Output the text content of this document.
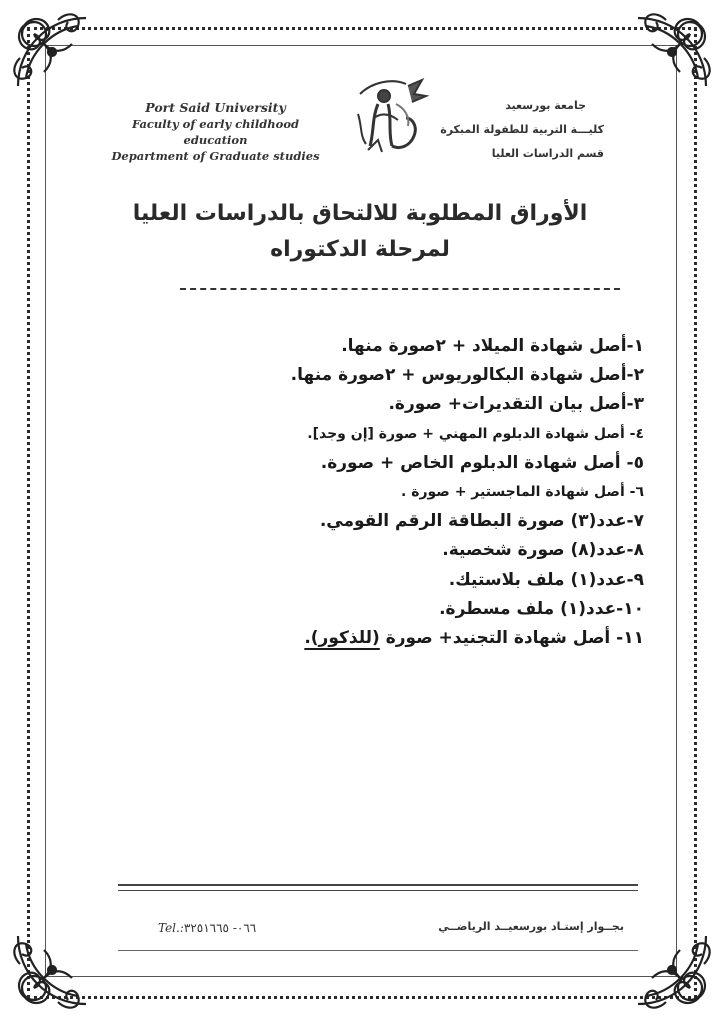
Port Said University
Faculty of early childhood education
Department of Graduate studies
جامعة بورسعيد
كليـــة التربية للطفولة المبكرة
قسم الدراسات العليا
الأوراق المطلوبة للالتحاق بالدراسات العليا
لمرحلة الدكتوراه
١-أصل شهادة الميلاد + ٢صورة منها.
٢-أصل شهادة البكالوريوس + ٢صورة منها.
٣-أصل بيان التقديرات+ صورة.
٤- أصل شهادة الدبلوم المهني + صورة [إن وجد].
٥- أصل شهادة الدبلوم الخاص + صورة.
٦- أصل شهادة الماجستير + صورة .
٧-عدد(٣) صورة البطاقة الرقم القومي.
٨-عدد(٨) صورة شخصية.
٩-عدد(١) ملف بلاستيك.
١٠-عدد(١) ملف مسطرة.
١١- أصل شهادة التجنيد+ صورة (للذكور).
Tel.:٠٦٦- ٣٢٥١٦٦٥	بجــوار إستـاد بورسعيــد الرياضــي
